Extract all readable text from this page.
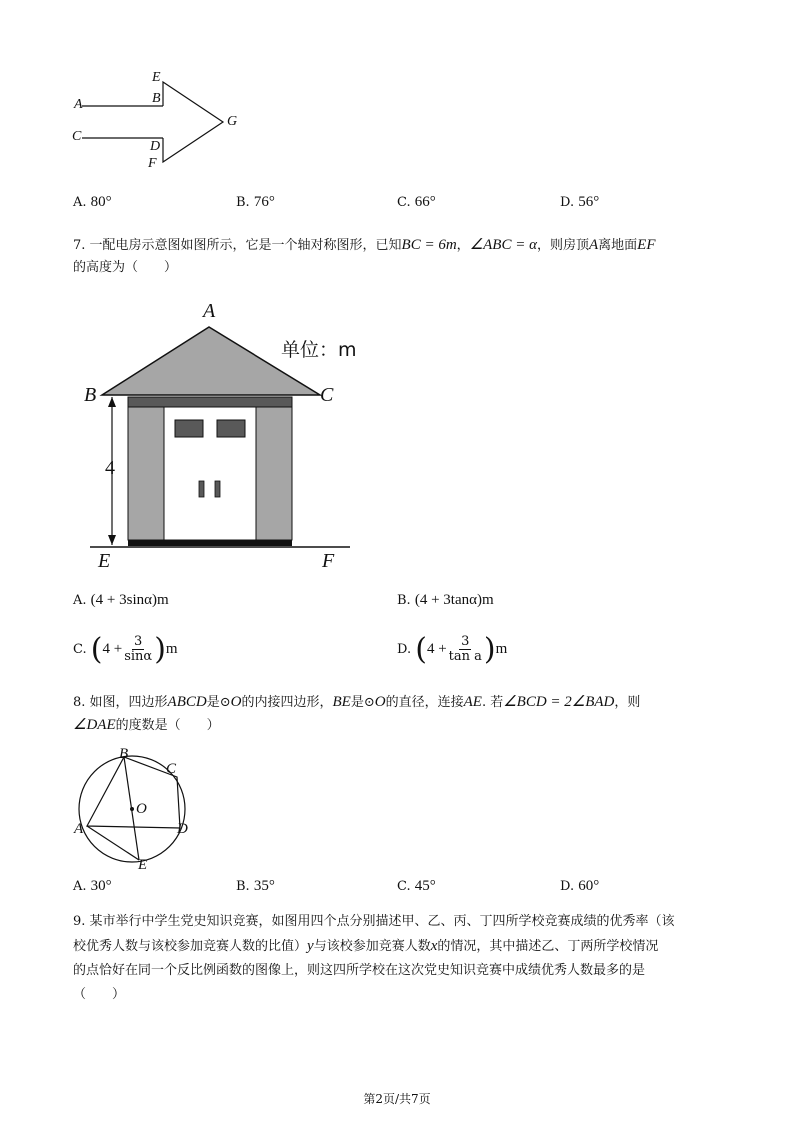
E
B
A
C
D
F
G
A. 80°	B. 76°	C. 66°	D. 56°
7. 一配电房示意图如图所示，它是一个轴对称图形，已知BC = 6m，∠ABC = α，则房顶A离地面EF
的高度为（　　）
A
B	C
E	F
4
单位：m
A. (4 + 3sinα)m	B. (4 + 3tanα)m
C. $(4 + \frac{3}{\sin\alpha} )m$	D. $(4 + \frac{3}{\text{tan a}} )m$
8. 如图，四边形ABCD是⊙O的内接四边形，BE是⊙O的直径，连接AE. 若∠BCD = 2∠BAD，则
∠DAE的度数是（　　）
B
C
O
A	D
E
A. 30°	B. 35°	C. 45°	D. 60°
9. 某市举行中学生党史知识竞赛，如图用四个点分别描述甲、乙、丙、丁四所学校竞赛成绩的优秀率（该
校优秀人数与该校参加竞赛人数的比值）y与该校参加竞赛人数x的情况，其中描述乙、丁两所学校情况
的点恰好在同一个反比例函数的图像上，则这四所学校在这次党史知识竞赛中成绩优秀人数最多的是
（　　）
第2页/共7页
